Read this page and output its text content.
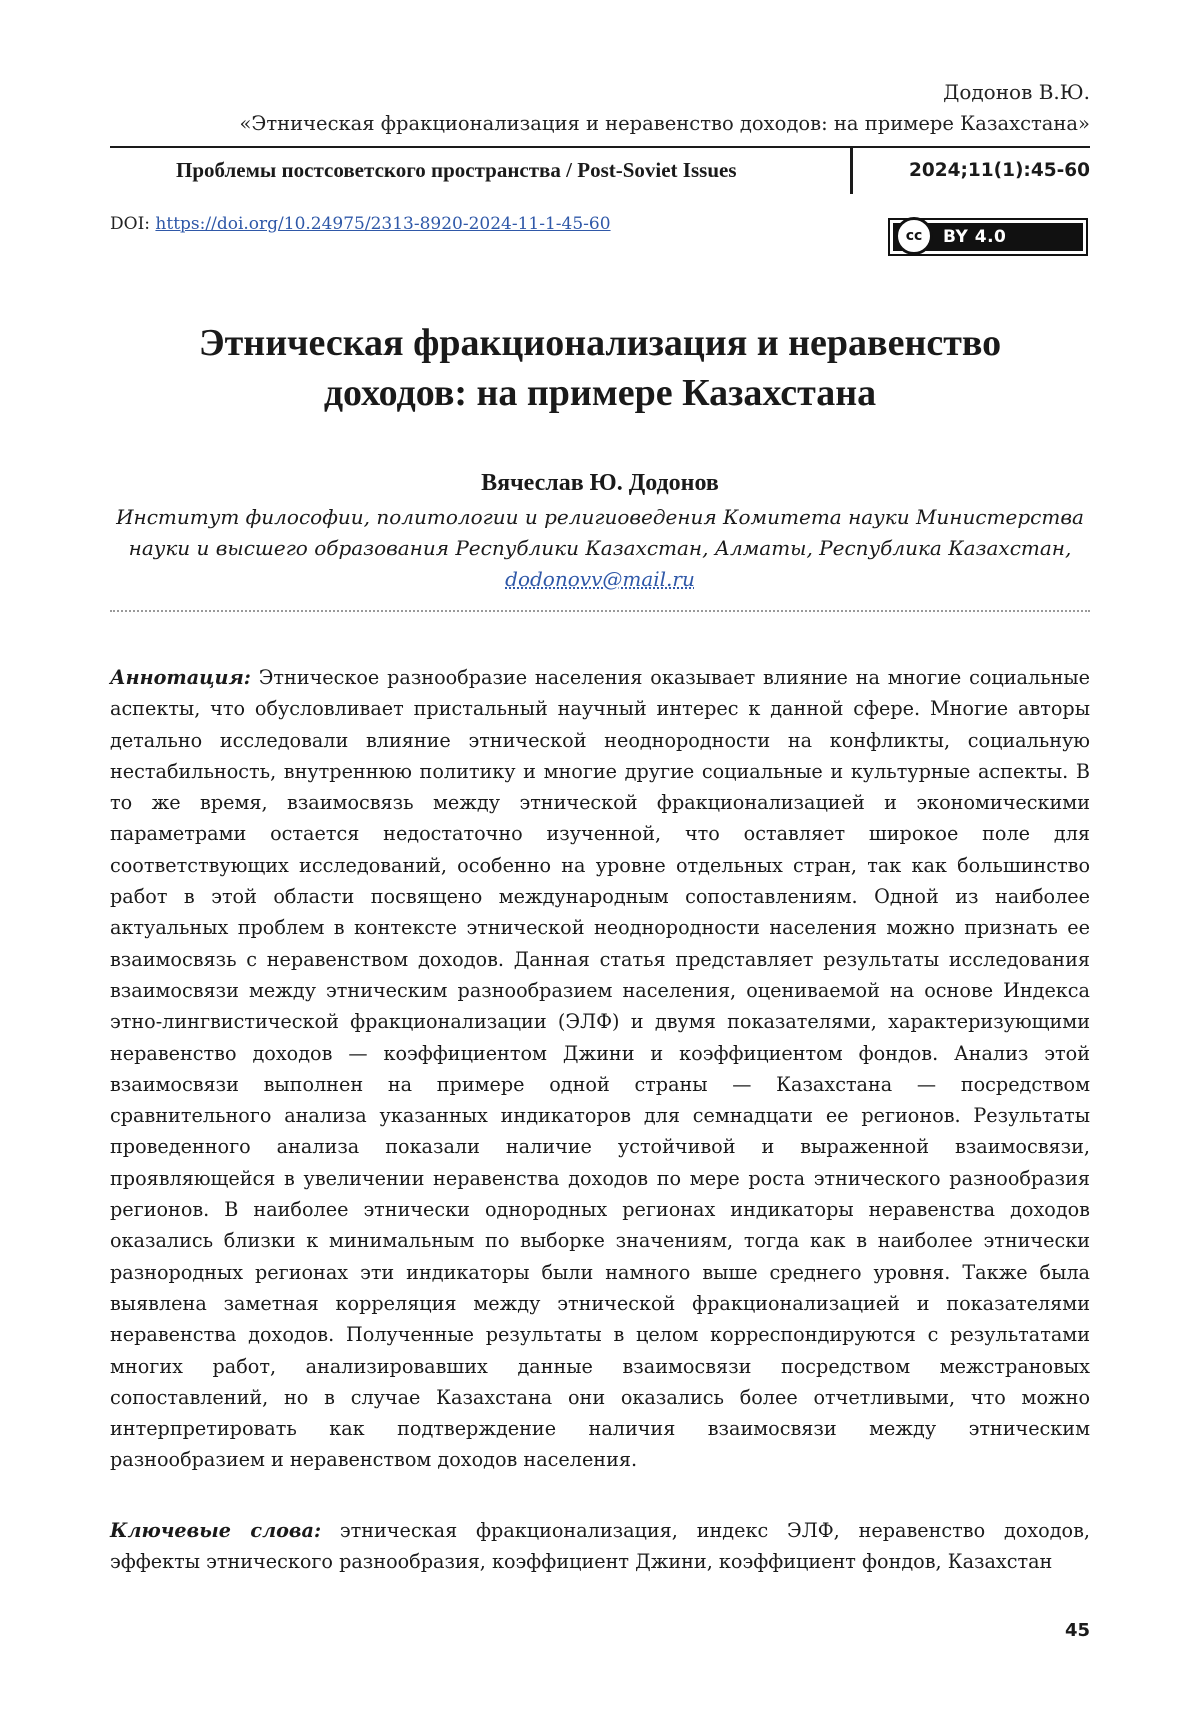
Додонов В.Ю.
«Этническая фракционализация и неравенство доходов: на примере Казахстана»
Проблемы постсоветского пространства / Post-Soviet Issues	2024;11(1):45-60
DOI: https://doi.org/10.24975/2313-8920-2024-11-1-45-60
cc	BY 4.0
Этническая фракционализация и неравенство
доходов: на примере Казахстана
Вячеслав Ю. Додонов
Институт философии, политологии и религиоведения Комитета науки Министерства
науки и высшего образования Республики Казахстан, Алматы, Республика Казахстан,
dodonovv@mail.ru
Аннотация: Этническое разнообразие населения оказывает влияние на многие социальные аспекты, что обусловливает пристальный научный интерес к данной сфере. Многие авторы детально исследовали влияние этнической неоднородности на конфликты, социальную нестабильность, внутреннюю политику и многие другие социальные и культурные аспекты. В то же время, взаимосвязь между этнической фракционализацией и экономическими параметрами остается недостаточно изученной, что оставляет широкое поле для соответствующих исследований, особенно на уровне отдельных стран, так как большинство работ в этой области посвящено международным сопоставлениям. Одной из наиболее актуальных проблем в контексте этнической неоднородности населения можно признать ее взаимосвязь с неравенством доходов. Данная статья представляет результаты исследования взаимосвязи между этническим разнообразием населения, оцениваемой на основе Индекса этно-лингвистической фракционализации (ЭЛФ) и двумя показателями, характеризующими неравенство доходов — коэффициентом Джини и коэффициентом фондов. Анализ этой взаимосвязи выполнен на примере одной страны — Казахстана — посредством сравнительного анализа указанных индикаторов для семнадцати ее регионов. Результаты проведенного анализа показали наличие устойчивой и выраженной взаимосвязи, проявляющейся в увеличении неравенства доходов по мере роста этнического разнообразия регионов. В наиболее этнически однородных регионах индикаторы неравенства доходов оказались близки к минимальным по выборке значениям, тогда как в наиболее этнически разнородных регионах эти индикаторы были намного выше среднего уровня. Также была выявлена заметная корреляция между этнической фракционализацией и показателями неравенства доходов. Полученные результаты в целом корреспондируются с результатами многих работ, анализировавших данные взаимосвязи посредством межстрановых сопоставлений, но в случае Казахстана они оказались более отчетливыми, что можно интерпретировать как подтверждение наличия взаимосвязи между этническим разнообразием и неравенством доходов населения.
Ключевые слова: этническая фракционализация, индекс ЭЛФ, неравенство доходов, эффекты этнического разнообразия, коэффициент Джини, коэффициент фондов, Казахстан
45
